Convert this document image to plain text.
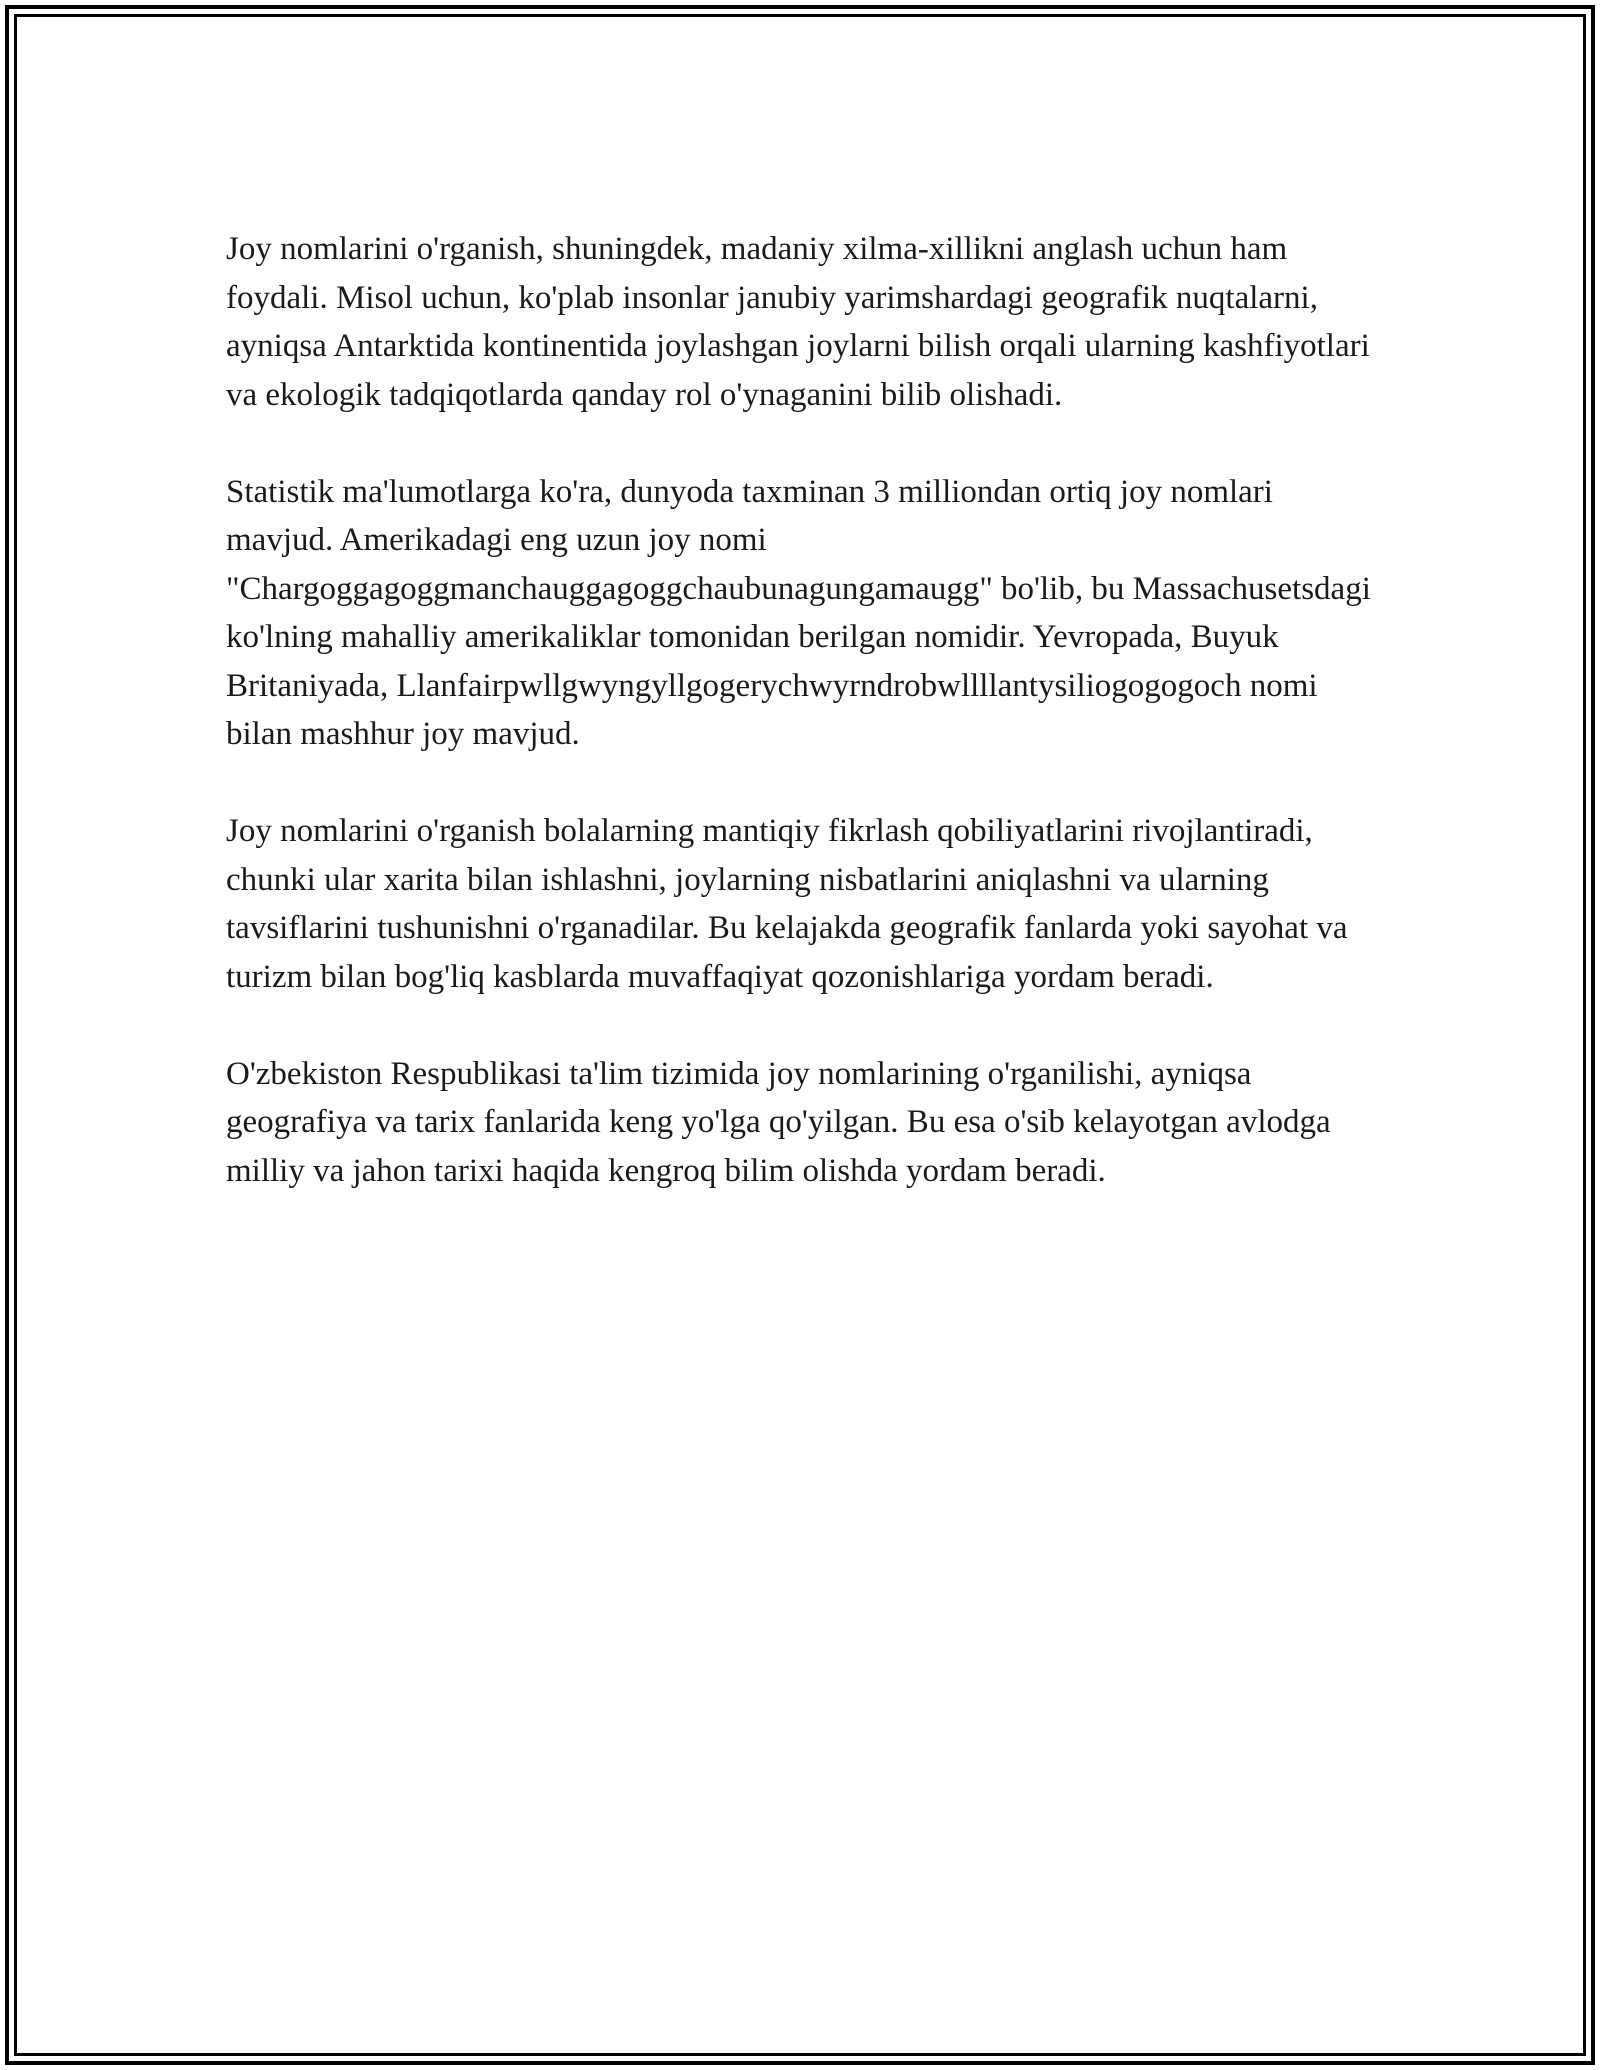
Joy nomlarini o'rganish, shuningdek, madaniy xilma-xillikni anglash uchun ham foydali. Misol uchun, ko'plab insonlar janubiy yarimshardagi geografik nuqtalarni, ayniqsa Antarktida kontinentida joylashgan joylarni bilish orqali ularning kashfiyotlari va ekologik tadqiqotlarda qanday rol o'ynaganini bilib olishadi.

Statistik ma'lumotlarga ko'ra, dunyoda taxminan 3 milliondan ortiq joy nomlari mavjud. Amerikadagi eng uzun joy nomi "Chargoggagoggmanchauggagoggchaubunagungamaugg" bo'lib, bu Massachusetsdagi ko'lning mahalliy amerikaliklar tomonidan berilgan nomidir. Yevropada, Buyuk Britaniyada, Llanfairpwllgwyngyllgogerychwyrndrobwllllantysiliogogogoch nomi bilan mashhur joy mavjud.

Joy nomlarini o'rganish bolalarning mantiqiy fikrlash qobiliyatlarini rivojlantiradi, chunki ular xarita bilan ishlashni, joylarning nisbatlarini aniqlashni va ularning tavsiflarini tushunishni o'rganadilar. Bu kelajakda geografik fanlarda yoki sayohat va turizm bilan bog'liq kasblarda muvaffaqiyat qozonishlariga yordam beradi.

O'zbekiston Respublikasi ta'lim tizimida joy nomlarining o'rganilishi, ayniqsa geografiya va tarix fanlarida keng yo'lga qo'yilgan. Bu esa o'sib kelayotgan avlodga milliy va jahon tarixi haqida kengroq bilim olishda yordam beradi.
